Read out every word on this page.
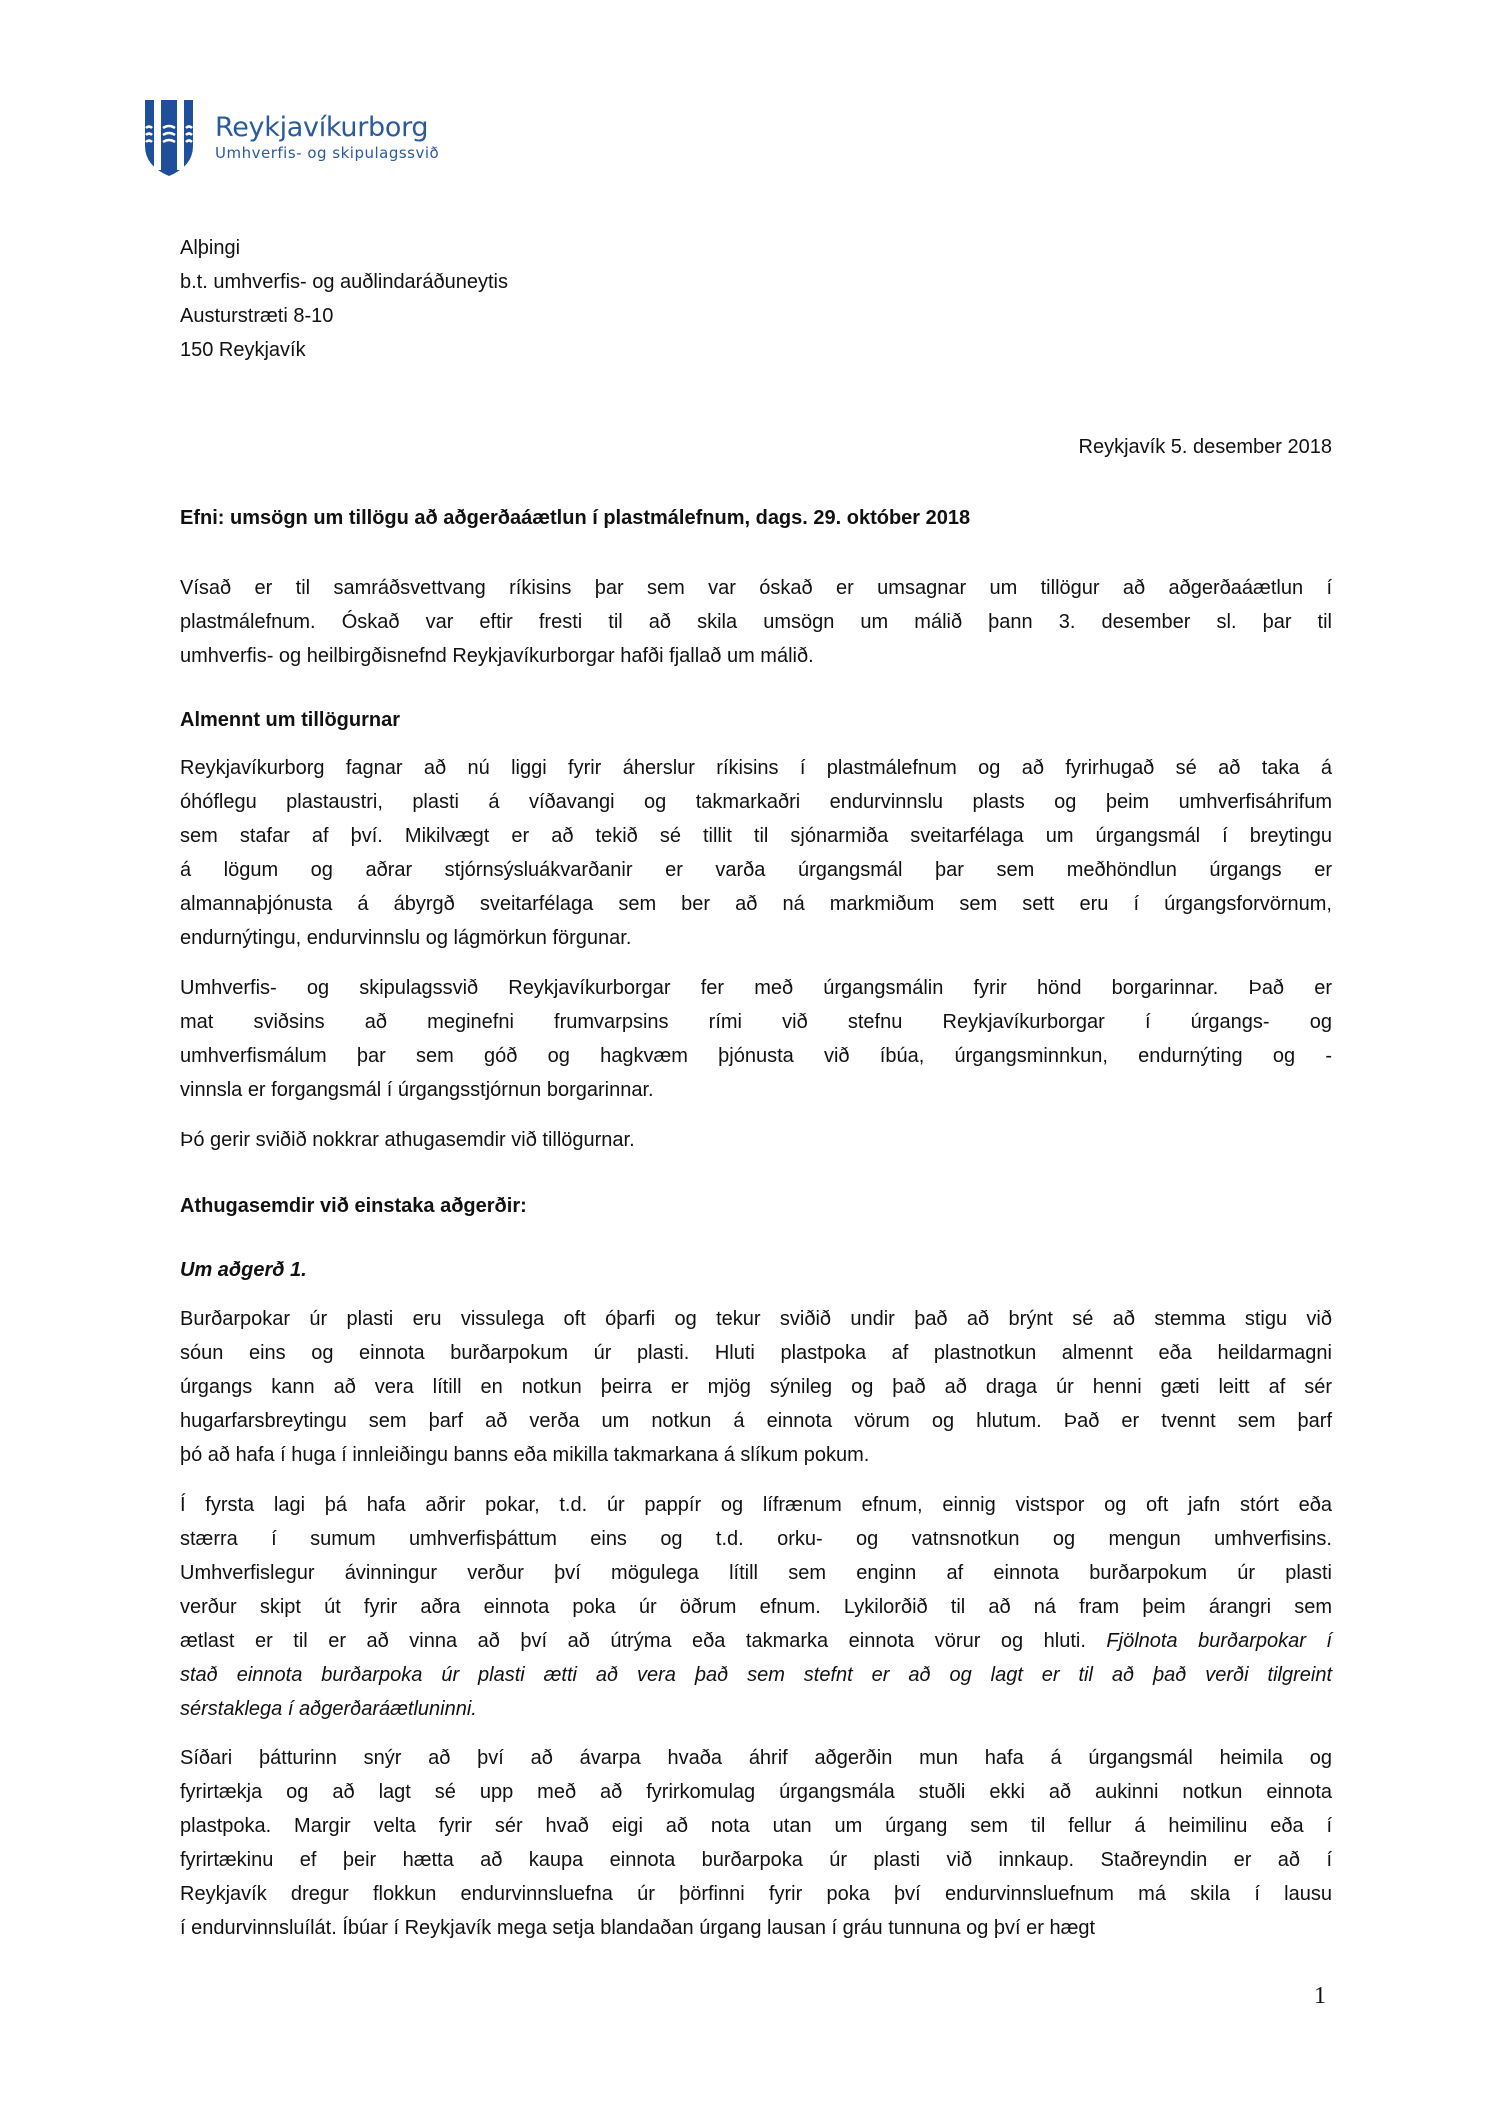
Reykjavíkurborg
Umhverfis- og skipulagssvið
Alþingi
b.t. umhverfis- og auðlindaráðuneytis
Austurstræti 8-10
150 Reykjavík
Reykjavík 5. desember 2018
Efni: umsögn um tillögu að aðgerðaáætlun í plastmálefnum, dags. 29. október 2018
Vísað er til samráðsvettvang ríkisins þar sem var óskað er umsagnar um tillögur að aðgerðaáætlun í
plastmálefnum. Óskað var eftir fresti til að skila umsögn um málið þann 3. desember sl. þar til
umhverfis- og heilbirgðisnefnd Reykjavíkurborgar hafði fjallað um málið.
Almennt um tillögurnar
Reykjavíkurborg fagnar að nú liggi fyrir áherslur ríkisins í plastmálefnum og að fyrirhugað sé að taka á
óhóflegu plastaustri, plasti á víðavangi og takmarkaðri endurvinnslu plasts og þeim umhverfisáhrifum
sem stafar af því. Mikilvægt er að tekið sé tillit til sjónarmiða sveitarfélaga um úrgangsmál í breytingu
á lögum og aðrar stjórnsýsluákvarðanir er varða úrgangsmál þar sem meðhöndlun úrgangs er
almannaþjónusta á ábyrgð sveitarfélaga sem ber að ná markmiðum sem sett eru í úrgangsforvörnum,
endurnýtingu, endurvinnslu og lágmörkun förgunar.
Umhverfis- og skipulagssvið Reykjavíkurborgar fer með úrgangsmálin fyrir hönd borgarinnar. Það er
mat sviðsins að meginefni frumvarpsins rími við stefnu Reykjavíkurborgar í úrgangs- og
umhverfismálum þar sem góð og hagkvæm þjónusta við íbúa, úrgangsminnkun, endurnýting og -
vinnsla er forgangsmál í úrgangsstjórnun borgarinnar.
Þó gerir sviðið nokkrar athugasemdir við tillögurnar.
Athugasemdir við einstaka aðgerðir:
Um aðgerð 1.
Burðarpokar úr plasti eru vissulega oft óþarfi og tekur sviðið undir það að brýnt sé að stemma stigu við
sóun eins og einnota burðarpokum úr plasti. Hluti plastpoka af plastnotkun almennt eða heildarmagni
úrgangs kann að vera lítill en notkun þeirra er mjög sýnileg og það að draga úr henni gæti leitt af sér
hugarfarsbreytingu sem þarf að verða um notkun á einnota vörum og hlutum. Það er tvennt sem þarf
þó að hafa í huga í innleiðingu banns eða mikilla takmarkana á slíkum pokum.
Í fyrsta lagi þá hafa aðrir pokar, t.d. úr pappír og lífrænum efnum, einnig vistspor og oft jafn stórt eða
stærra í sumum umhverfisþáttum eins og t.d. orku- og vatnsnotkun og mengun umhverfisins.
Umhverfislegur ávinningur verður því mögulega lítill sem enginn af einnota burðarpokum úr plasti
verður skipt út fyrir aðra einnota poka úr öðrum efnum. Lykilorðið til að ná fram þeim árangri sem
ætlast er til er að vinna að því að útrýma eða takmarka einnota vörur og hluti. Fjölnota burðarpokar í
stað einnota burðarpoka úr plasti ætti að vera það sem stefnt er að og lagt er til að það verði tilgreint
sérstaklega í aðgerðaráætluninni.
Síðari þátturinn snýr að því að ávarpa hvaða áhrif aðgerðin mun hafa á úrgangsmál heimila og
fyrirtækja og að lagt sé upp með að fyrirkomulag úrgangsmála stuðli ekki að aukinni notkun einnota
plastpoka. Margir velta fyrir sér hvað eigi að nota utan um úrgang sem til fellur á heimilinu eða í
fyrirtækinu ef þeir hætta að kaupa einnota burðarpoka úr plasti við innkaup. Staðreyndin er að í
Reykjavík dregur flokkun endurvinnsluefna úr þörfinni fyrir poka því endurvinnsluefnum má skila í lausu
í endurvinnsluílát. Íbúar í Reykjavík mega setja blandaðan úrgang lausan í gráu tunnuna og því er hægt
1
